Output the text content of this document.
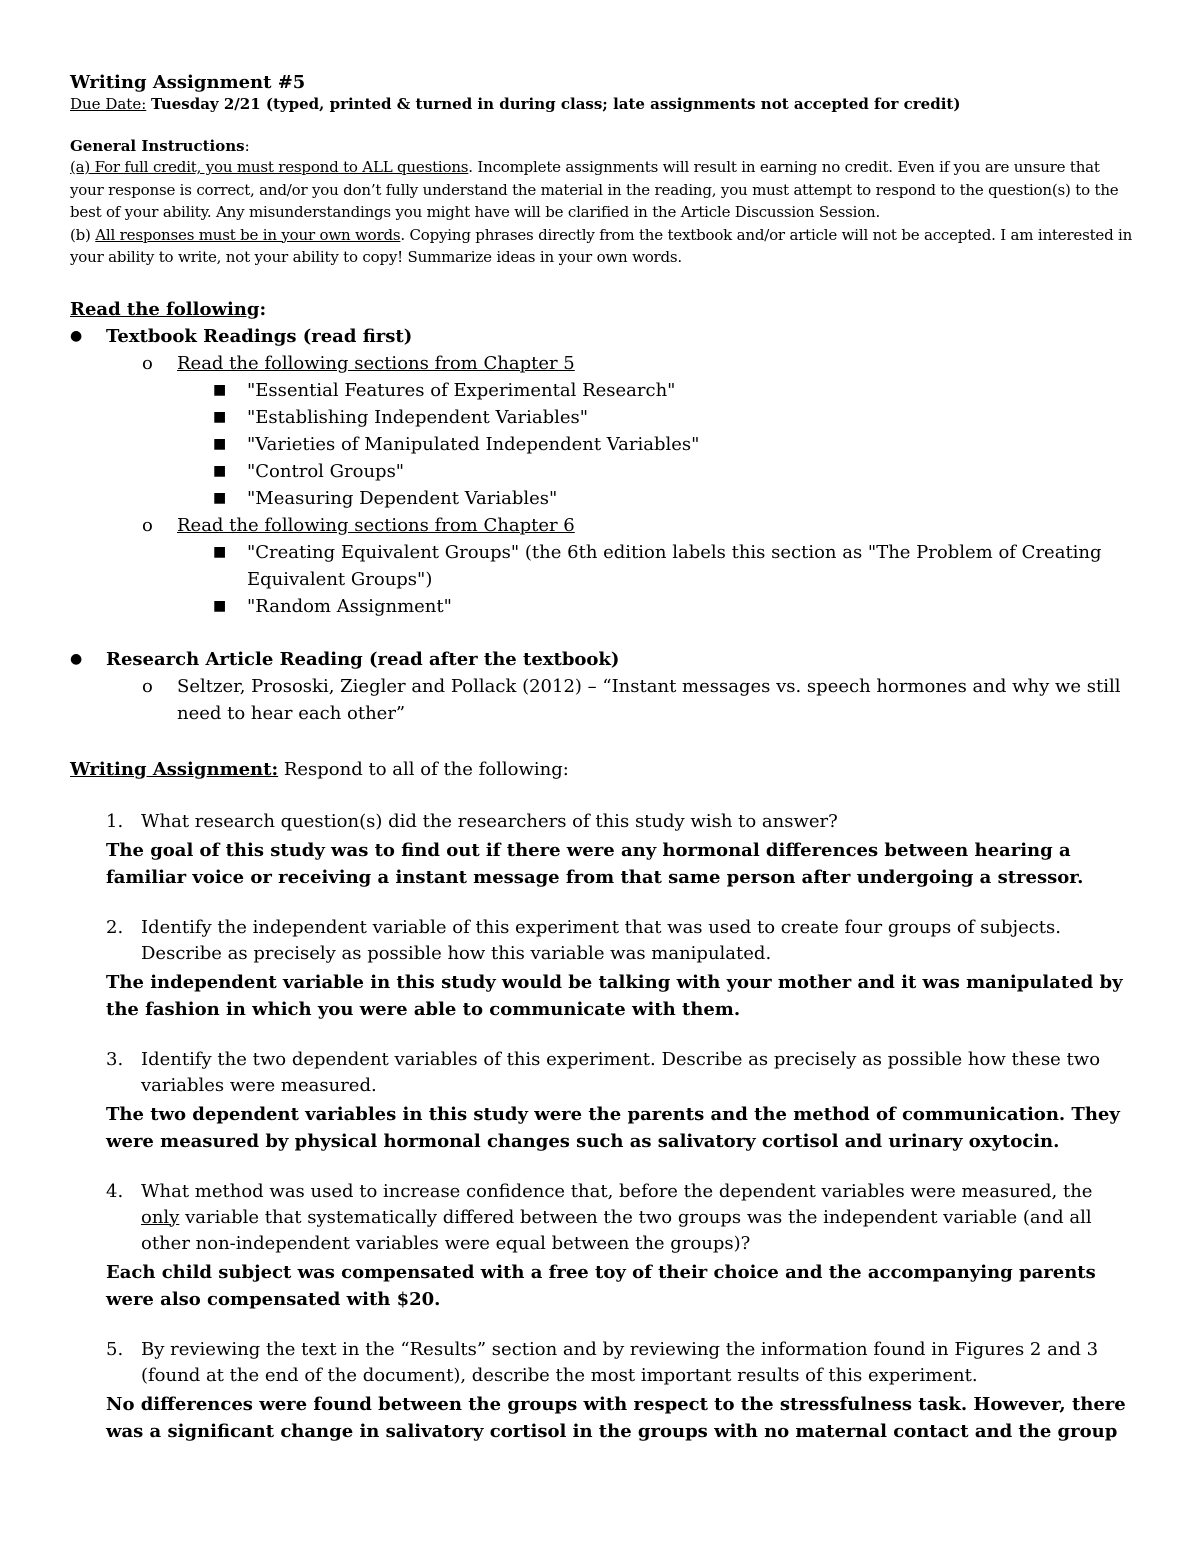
Writing Assignment #5
Due Date: Tuesday 2/21 (typed, printed & turned in during class; late assignments not accepted for credit)
General Instructions:

(a) For full credit, you must respond to ALL questions. Incomplete assignments will result in earning no credit. Even if you are unsure that your response is correct, and/or you don’t fully understand the material in the reading, you must attempt to respond to the question(s) to the best of your ability. Any misunderstandings you might have will be clarified in the Article Discussion Session.

(b) All responses must be in your own words. Copying phrases directly from the textbook and/or article will not be accepted. I am interested in your ability to write, not your ability to copy! Summarize ideas in your own words.

Read the following:
● Textbook Readings (read first)
o Read the following sections from Chapter 5
■ "Essential Features of Experimental Research"
■ "Establishing Independent Variables"
■ "Varieties of Manipulated Independent Variables"
■ "Control Groups"
■ "Measuring Dependent Variables"
o Read the following sections from Chapter 6
■ "Creating Equivalent Groups" (the 6th edition labels this section as "The Problem of Creating Equivalent Groups")
■ "Random Assignment"
● Research Article Reading (read after the textbook)
o Seltzer, Prososki, Ziegler and Pollack (2012) – “Instant messages vs. speech hormones and why we still need to hear each other”
Writing Assignment: Respond to all of the following:
1. What research question(s) did the researchers of this study wish to answer?
The goal of this study was to find out if there were any hormonal differences between hearing a familiar voice or receiving a instant message from that same person after undergoing a stressor.
2. Identify the independent variable of this experiment that was used to create four groups of subjects. Describe as precisely as possible how this variable was manipulated.
The independent variable in this study would be talking with your mother and it was manipulated by the fashion in which you were able to communicate with them.
3. Identify the two dependent variables of this experiment. Describe as precisely as possible how these two variables were measured.
The two dependent variables in this study were the parents and the method of communication. They were measured by physical hormonal changes such as salivatory cortisol and urinary oxytocin.
4. What method was used to increase confidence that, before the dependent variables were measured, the only variable that systematically differed between the two groups was the independent variable (and all other non-independent variables were equal between the groups)?
Each child subject was compensated with a free toy of their choice and the accompanying parents were also compensated with $20.
5. By reviewing the text in the “Results” section and by reviewing the information found in Figures 2 and 3 (found at the end of the document), describe the most important results of this experiment.
No differences were found between the groups with respect to the stressfulness task. However, there was a significant change in salivatory cortisol in the groups with no maternal contact and the group
